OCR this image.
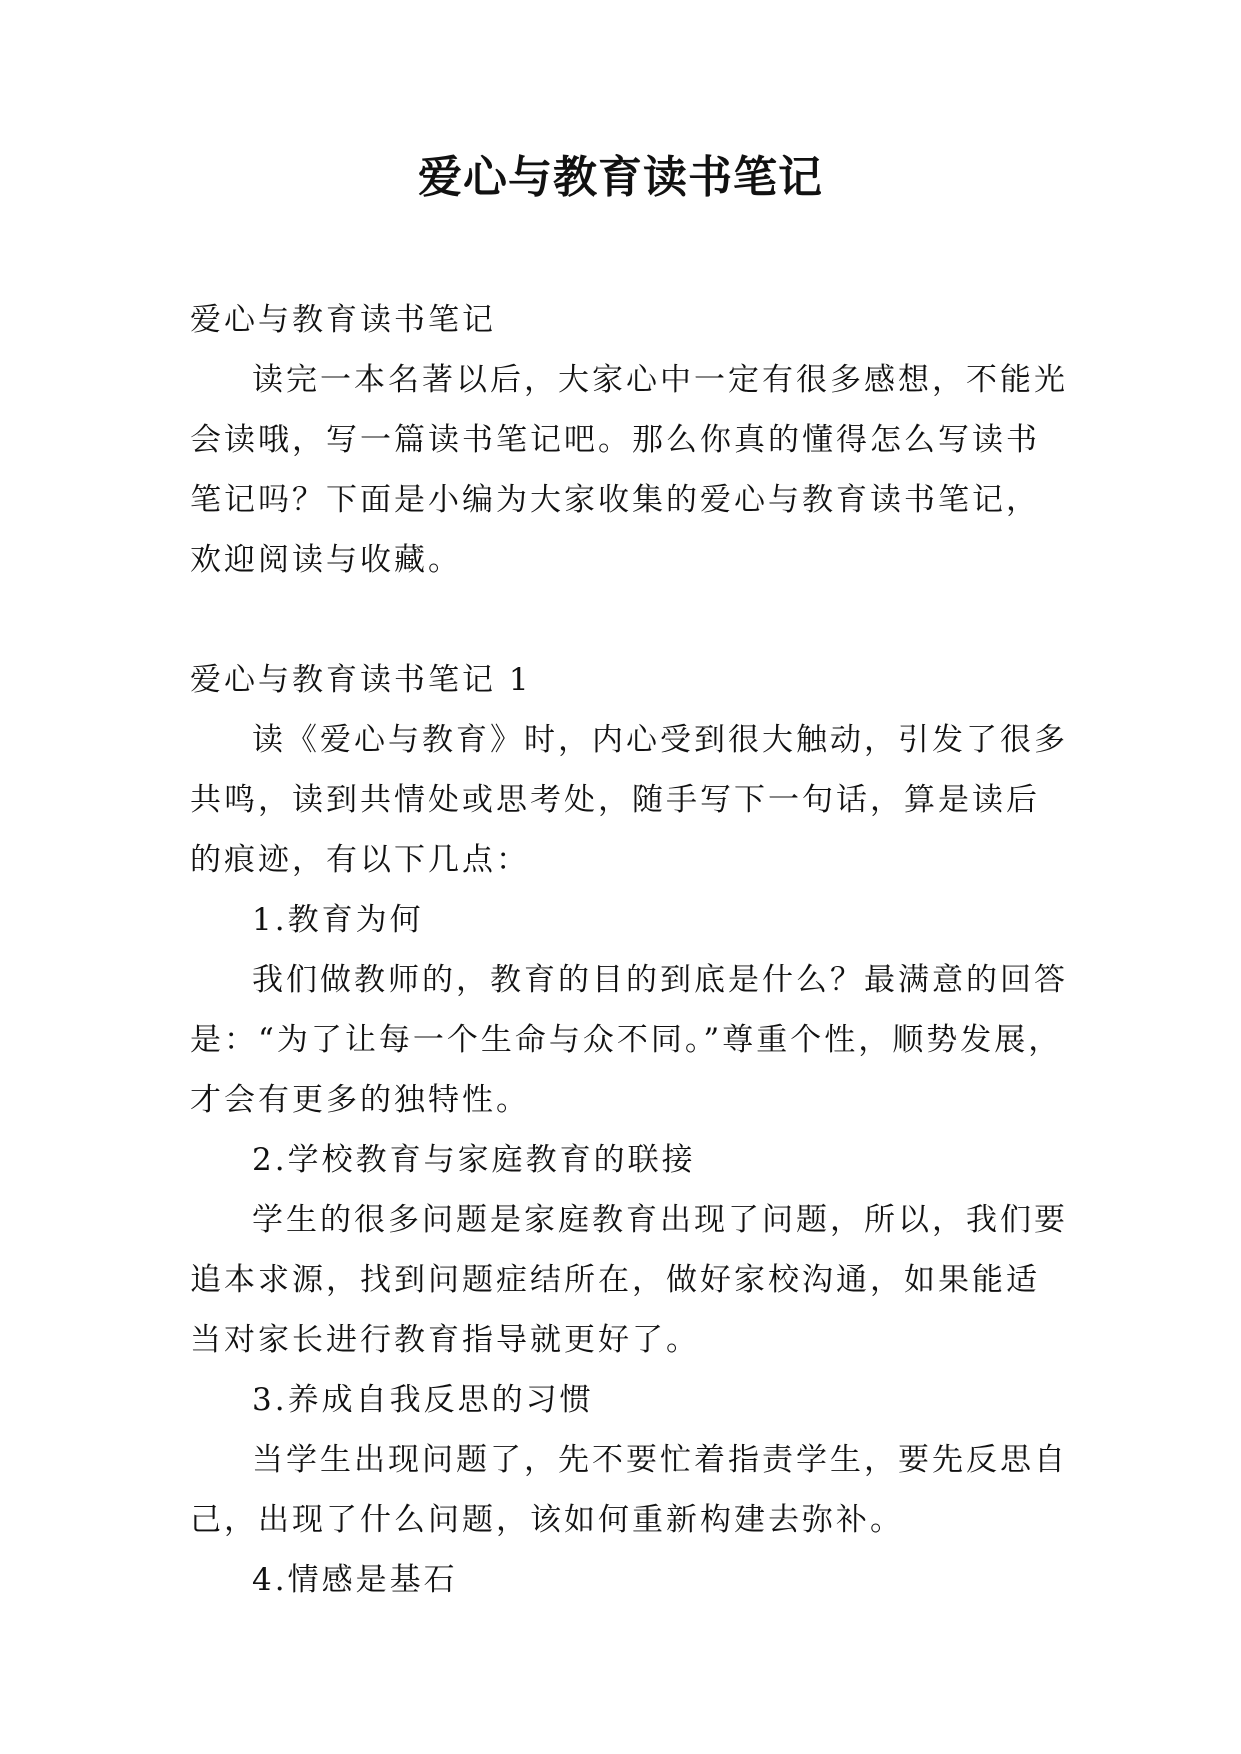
爱心与教育读书笔记

爱心与教育读书笔记

读完一本名著以后，大家心中一定有很多感想，不能光会读哦，写一篇读书笔记吧。那么你真的懂得怎么写读书笔记吗？下面是小编为大家收集的爱心与教育读书笔记，欢迎阅读与收藏。

爱心与教育读书笔记 1

读《爱心与教育》时，内心受到很大触动，引发了很多共鸣，读到共情处或思考处，随手写下一句话，算是读后的痕迹，有以下几点：

1.教育为何

我们做教师的，教育的目的到底是什么？最满意的回答是：“为了让每一个生命与众不同。”尊重个性，顺势发展，才会有更多的独特性。

2.学校教育与家庭教育的联接

学生的很多问题是家庭教育出现了问题，所以，我们要追本求源，找到问题症结所在，做好家校沟通，如果能适当对家长进行教育指导就更好了。

3.养成自我反思的习惯

当学生出现问题了，先不要忙着指责学生，要先反思自己，出现了什么问题，该如何重新构建去弥补。

4.情感是基石
